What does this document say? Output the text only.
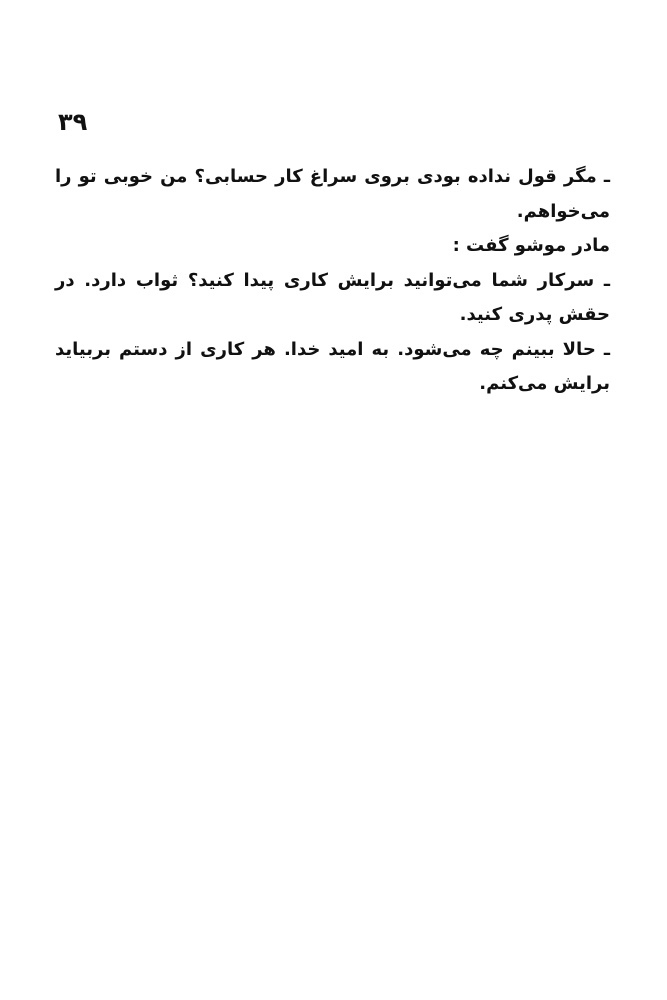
۳۹

ـ مگر قول نداده بودی بروی سراغ کار حسابی؟ من خوبی تو را می‌خواهم.

مادر موشو گفت :

ـ سرکار شما می‌توانید برایش کاری پیدا کنید؟ ثواب دارد. در حقش پدری کنید.

ـ حالا ببینم چه می‌شود. به امید خدا. هر کاری از دستم بربیاید برایش می‌کنم.
